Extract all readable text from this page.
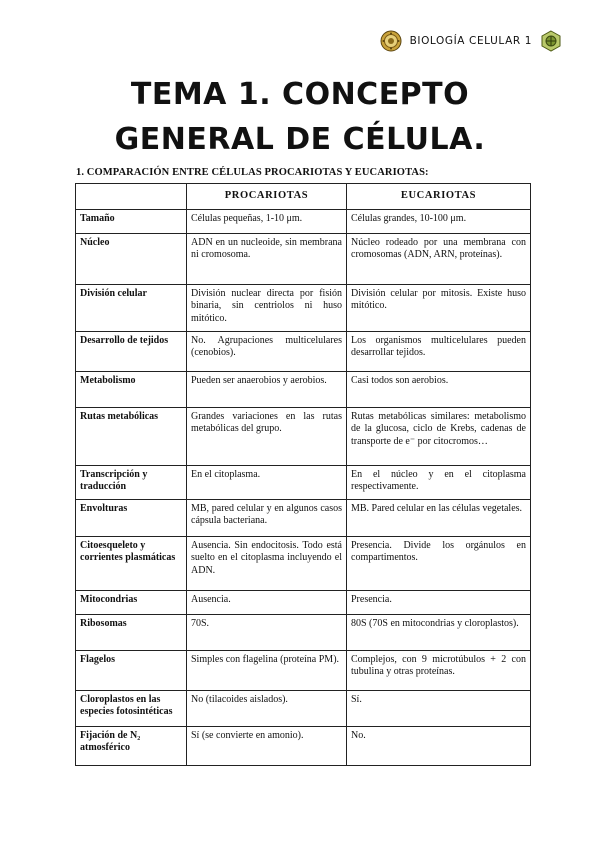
BIOLOGÍA CELULAR 1
TEMA 1. CONCEPTO
GENERAL DE CÉLULA.
1. COMPARACIÓN ENTRE CÉLULAS PROCARIOTAS Y EUCARIOTAS:
	PROCARIOTAS	EUCARIOTAS
Tamaño	Células pequeñas, 1-10 μm.	Células grandes, 10-100 μm.
Núcleo	ADN en un nucleoide, sin membrana ni cromosoma.	Núcleo rodeado por una membrana con cromosomas (ADN, ARN, proteínas).
División celular	División nuclear directa por fisión binaria, sin centriolos ni huso mitótico.	División celular por mitosis. Existe huso mitótico.
Desarrollo de tejidos	No. Agrupaciones multicelulares (cenobios).	Los organismos multicelulares pueden desarrollar tejidos.
Metabolismo	Pueden ser anaerobios y aerobios.	Casi todos son aerobios.
Rutas metabólicas	Grandes variaciones en las rutas metabólicas del grupo.	Rutas metabólicas similares: metabolismo de la glucosa, ciclo de Krebs, cadenas de transporte de e⁻ por citocromos…
Transcripción y traducción	En el citoplasma.	En el núcleo y en el citoplasma respectivamente.
Envolturas	MB, pared celular y en algunos casos cápsula bacteriana.	MB. Pared celular en las células vegetales.
Citoesqueleto y corrientes plasmáticas	Ausencia. Sin endocitosis. Todo está suelto en el citoplasma incluyendo el ADN.	Presencia. Divide los orgánulos en compartimentos.
Mitocondrias	Ausencia.	Presencia.
Ribosomas	70S.	80S (70S en mitocondrias y cloroplastos).
Flagelos	Simples con flagelina (proteína PM).	Complejos, con 9 microtúbulos + 2 con tubulina y otras proteínas.
Cloroplastos en las especies fotosintéticas	No (tilacoides aislados).	Sí.
Fijación de N₂ atmosférico	Sí (se convierte en amonio).	No.
